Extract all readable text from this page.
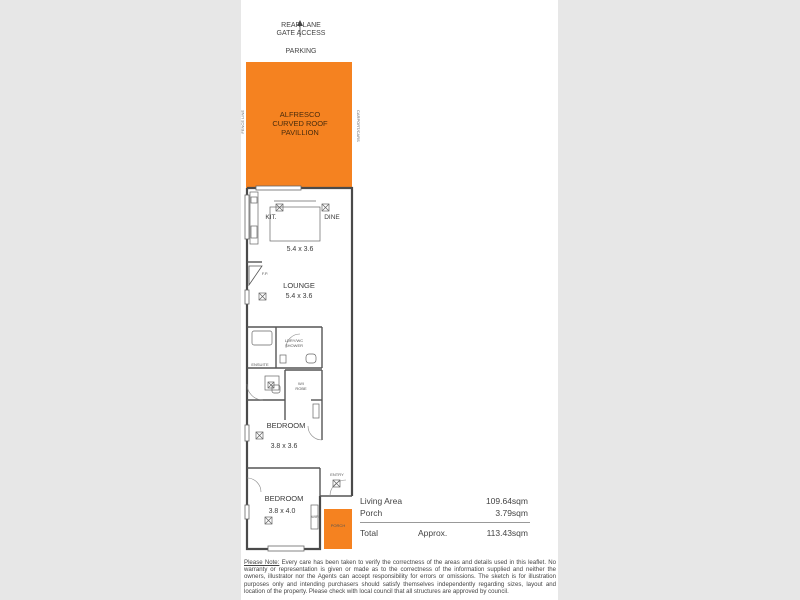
REAR LANE
GATE ACCESS
PARKING
ALFRESCO
CURVED ROOF
PAVILLION
FENCE LINE	CARPORT/CARS
KIT.	DINE
5.4 x 3.6
F.P.
LOUNGE
5.4 x 3.6
LDRY/WC
SHOWER
ENSUITE
W/I
ROBE
BEDROOM
3.8 x 3.6
ENTRY
BEDROOM
3.8 x 4.0
WIR
PORCH
Living Area	109.64sqm
Porch	3.79sqm
Total	Approx.	113.43sqm
Please Note: Every care has been taken to verify the correctness of the areas and details used in this leaflet. No warranty or representation is given or made as to the correctness of the information supplied and neither the owners, illustrator nor the Agents can accept responsibility for errors or omissions. The sketch is for illustration purposes only and intending purchasers should satisfy themselves independently regarding sizes, layout and location of the property. Please check with local council that all structures are approved by council.
